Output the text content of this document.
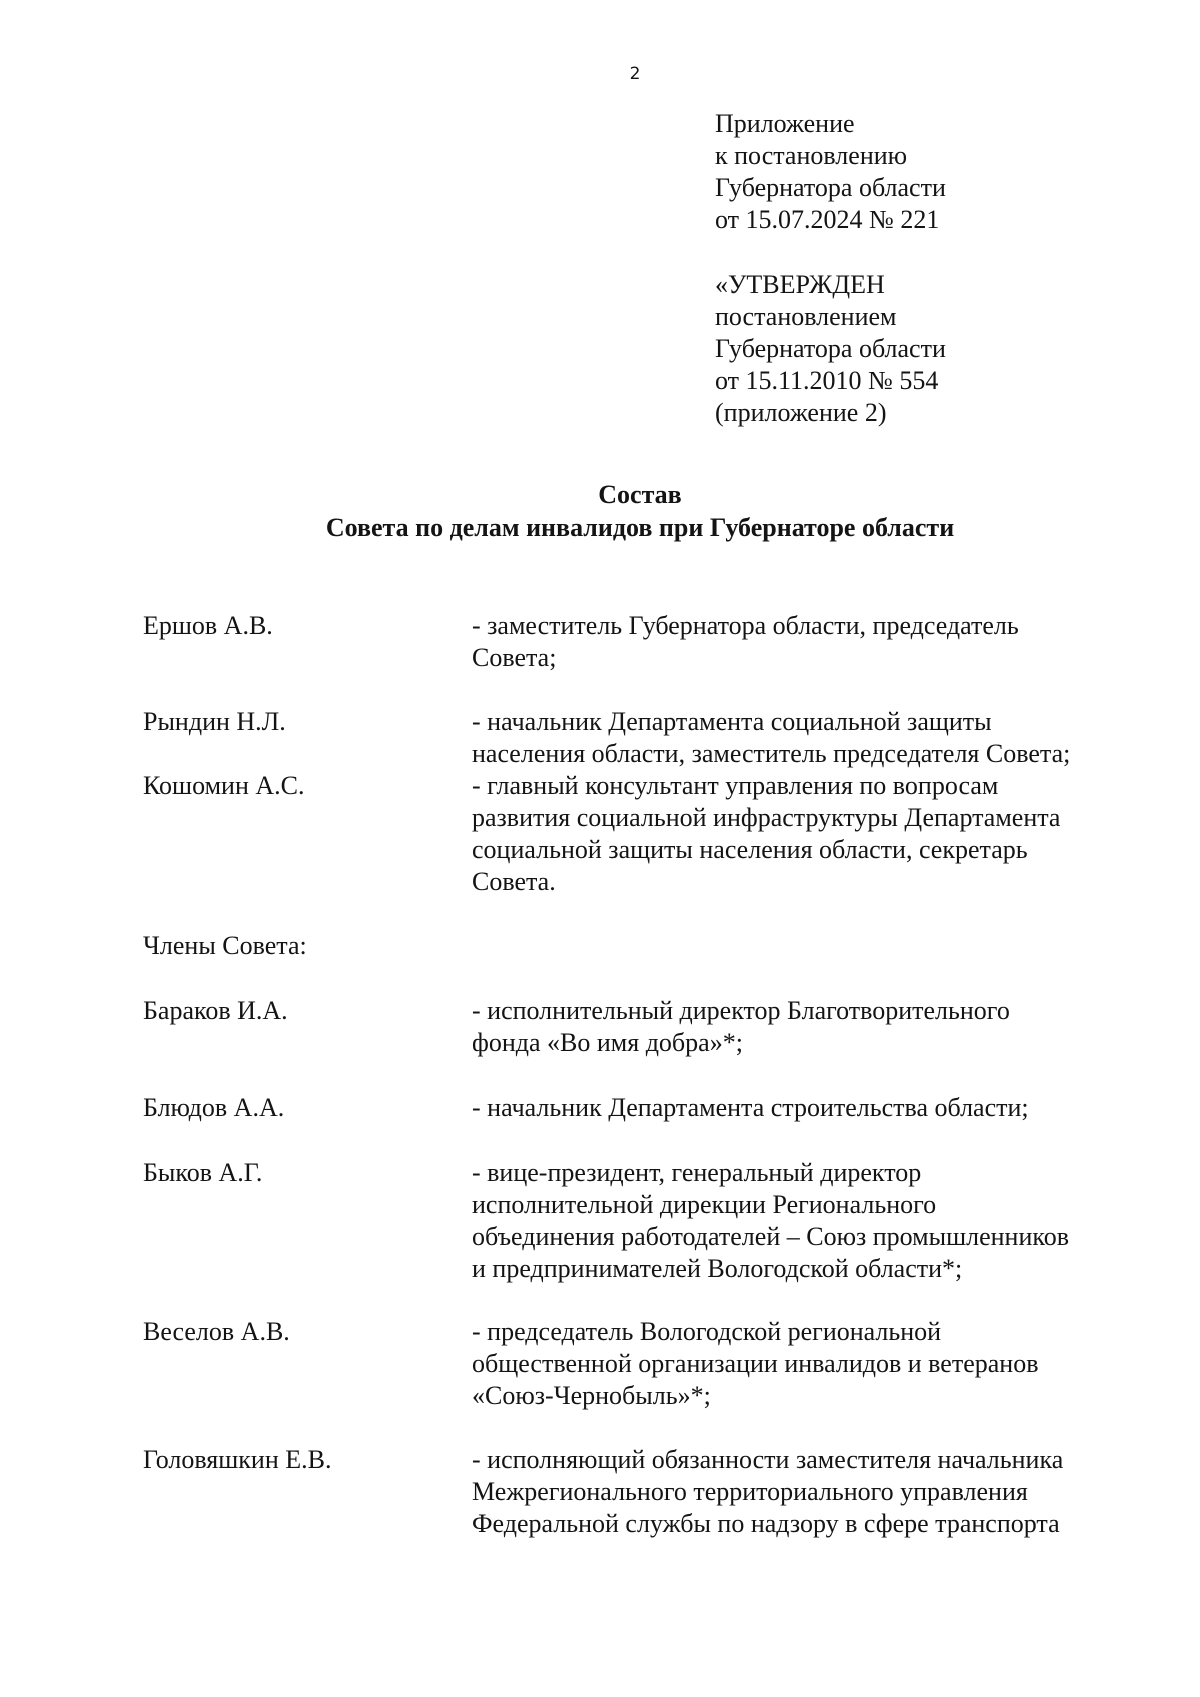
2
Приложение
к постановлению
Губернатора области
от 15.07.2024 № 221
«УТВЕРЖДЕН
постановлением
Губернатора области
от 15.11.2010 № 554
(приложение 2)
Состав
Совета по делам инвалидов при Губернаторе области
Ершов А.В.	- заместитель Губернатора области, председатель
Совета;
Рындин Н.Л.	- начальник Департамента социальной защиты
населения области, заместитель председателя Совета;
Кошомин А.С.	- главный консультант управления по вопросам
развития социальной инфраструктуры Департамента
социальной защиты населения области, секретарь
Совета.
Члены Совета:
Бараков И.А.	- исполнительный директор Благотворительного
фонда «Во имя добра»*;
Блюдов А.А.	- начальник Департамента строительства области;
Быков А.Г.	- вице-президент, генеральный директор
исполнительной дирекции Регионального
объединения работодателей – Союз промышленников
и предпринимателей Вологодской области*;
Веселов А.В.	- председатель Вологодской региональной
общественной организации инвалидов и ветеранов
«Союз-Чернобыль»*;
Головяшкин Е.В.	- исполняющий обязанности заместителя начальника
Межрегионального территориального управления
Федеральной службы по надзору в сфере транспорта
